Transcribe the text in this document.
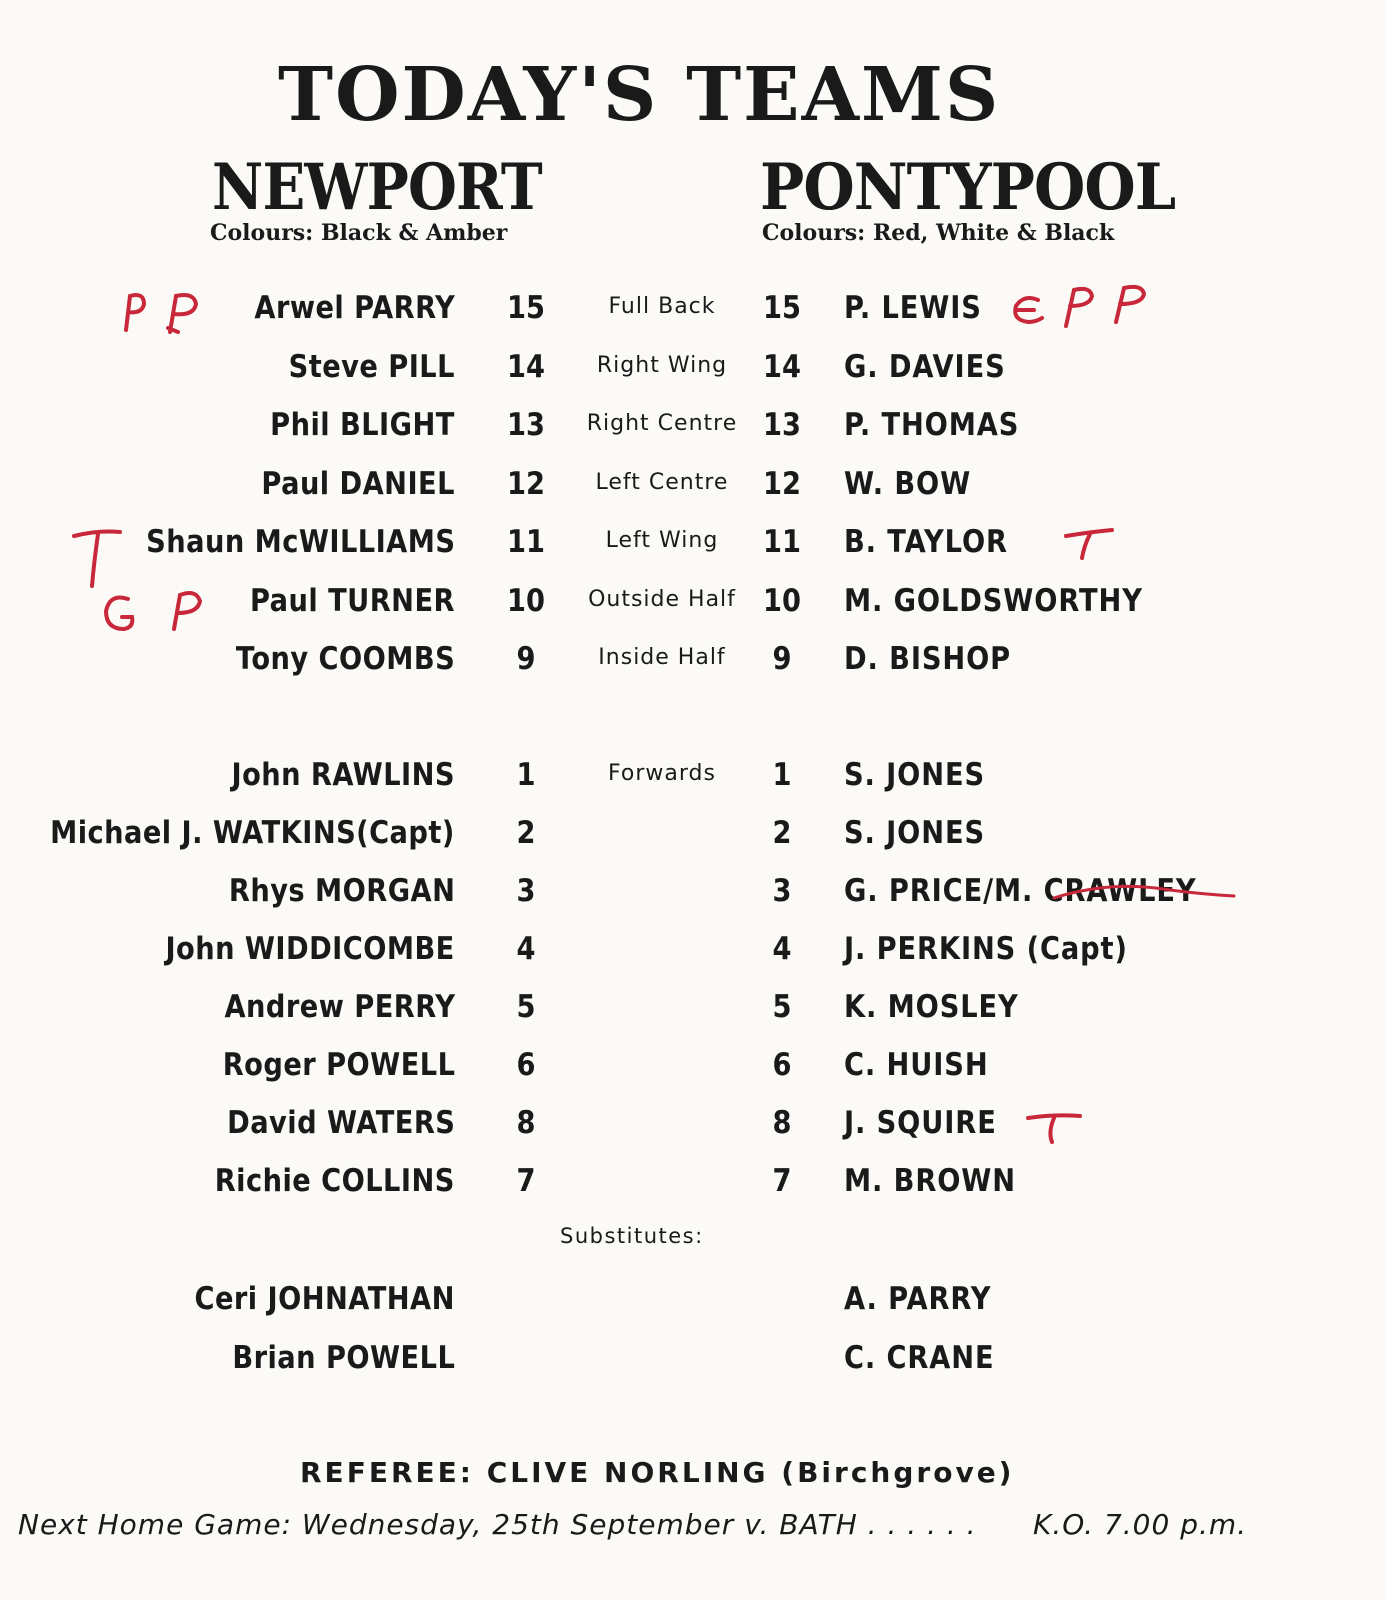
TODAY'S TEAMS
NEWPORT	PONTYPOOL
Colours: Black & Amber	Colours: Red, White & Black
Arwel PARRY 15	Full Back	15 P. LEWIS
Steve PILL 14	Right Wing	14 G. DAVIES
Phil BLIGHT 13	Right Centre 13 P. THOMAS
Paul DANIEL 12	Left Centre	12 W. BOW
Shaun McWILLIAMS 11	Left Wing	11 B. TAYLOR
Paul TURNER 10	Outside Half 10 M. GOLDSWORTHY
Tony COOMBS	9	Inside Half	9	D. BISHOP
John RAWLINS	1	Forwards	1	S. JONES
Michael J. WATKINS(Capt)	2	2	S. JONES
Rhys MORGAN	3	3	G. PRICE/M. CRAWLEY
John WIDDICOMBE	4	4	J. PERKINS (Capt)
Andrew PERRY	5	5	K. MOSLEY
Roger POWELL	6	6	C. HUISH
David WATERS	8	8	J. SQUIRE
Richie COLLINS	7	7	M. BROWN
Substitutes:
Ceri JOHNATHAN	A. PARRY
Brian POWELL	C. CRANE
REFEREE: CLIVE NORLING (Birchgrove)
Next Home Game: Wednesday, 25th September v. BATH . . . . . . K.O. 7.00 p.m.
